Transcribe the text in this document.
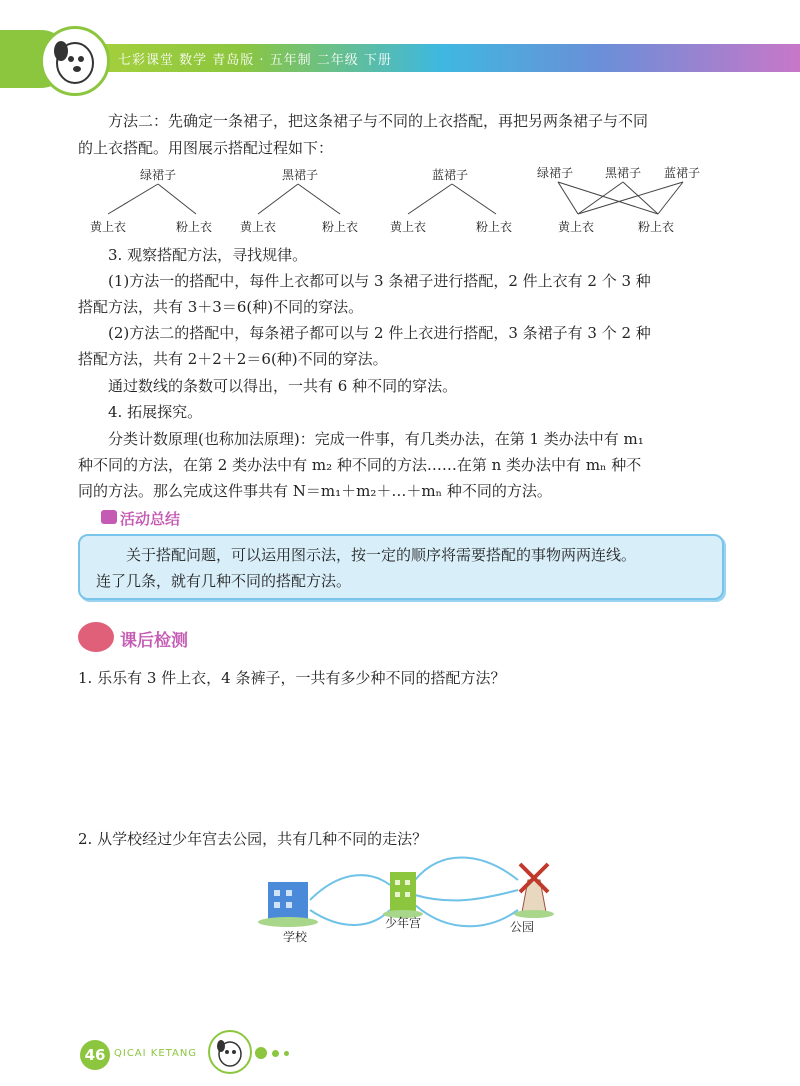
七彩课堂 数学 青岛版 · 五年制 二年级 下册
方法二：先确定一条裙子，把这条裙子与不同的上衣搭配，再把另两条裙子与不同
的上衣搭配。用图展示搭配过程如下：
绿裙子	黑裙子	蓝裙子	绿裙子	黑裙子 蓝裙子
黄上衣	粉上衣 黄上衣	粉上衣	黄上衣	粉上衣	黄上衣	粉上衣
3. 观察搭配方法，寻找规律。
(1)方法一的搭配中，每件上衣都可以与 3 条裙子进行搭配，2 件上衣有 2 个 3 种
搭配方法，共有 3＋3＝6(种)不同的穿法。
(2)方法二的搭配中，每条裙子都可以与 2 件上衣进行搭配，3 条裙子有 3 个 2 种
搭配方法，共有 2＋2＋2＝6(种)不同的穿法。
通过数线的条数可以得出，一共有 6 种不同的穿法。
4. 拓展探究。
分类计数原理(也称加法原理)：完成一件事，有几类办法，在第 1 类办法中有 m₁
种不同的方法，在第 2 类办法中有 m₂ 种不同的方法……在第 n 类办法中有 mₙ 种不
同的方法。那么完成这件事共有 N＝m₁＋m₂＋…＋mₙ 种不同的方法。
活动总结
关于搭配问题，可以运用图示法，按一定的顺序将需要搭配的事物两两连线。
连了几条，就有几种不同的搭配方法。
课后检测
1. 乐乐有 3 件上衣，4 条裤子，一共有多少种不同的搭配方法？
2. 从学校经过少年宫去公园，共有几种不同的走法？
学校
少年宫	公园
46 QICAI KETANG
